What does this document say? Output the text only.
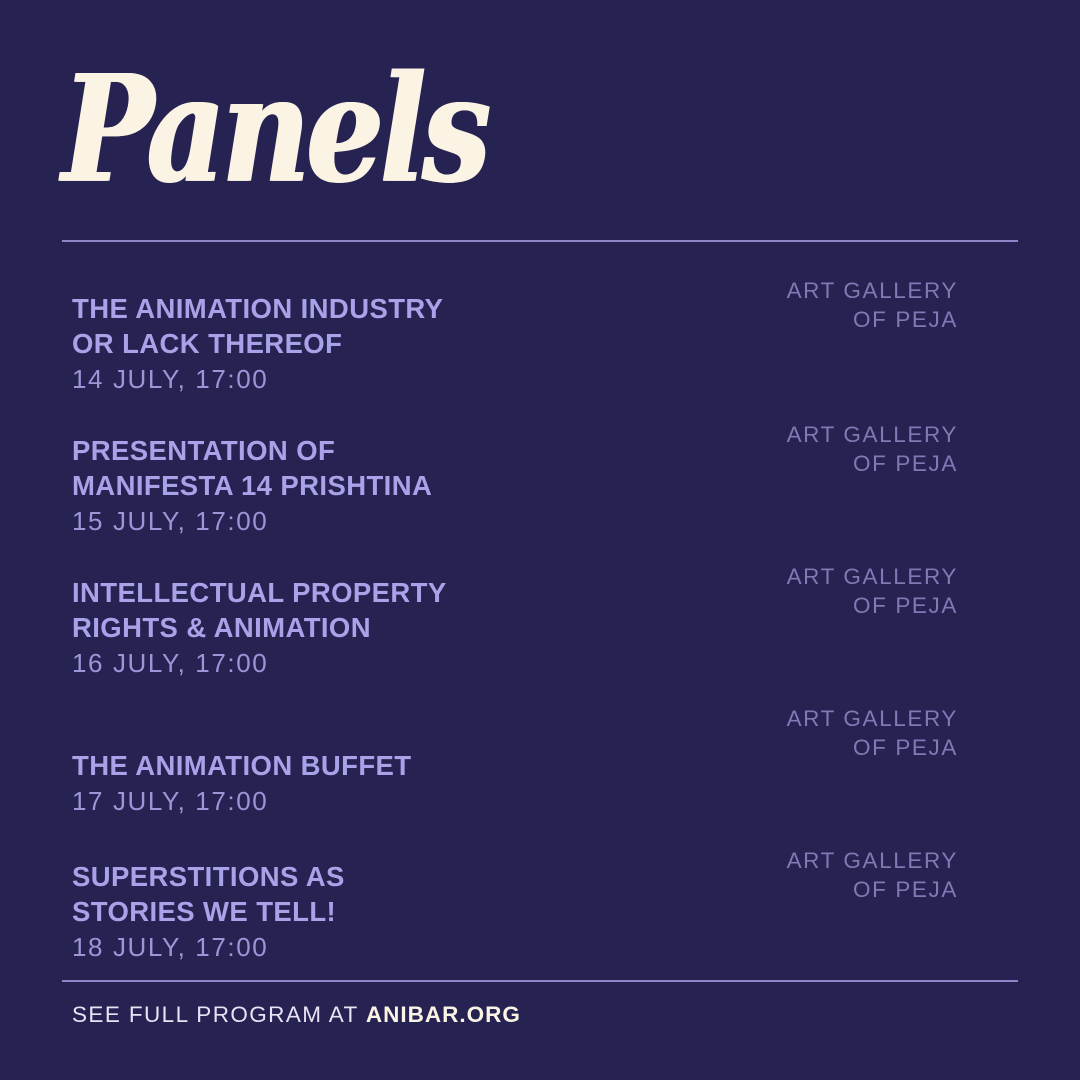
Panels
THE ANIMATION INDUSTRY
OR LACK THEREOF
14 JULY, 17:00
ART GALLERY
OF PEJA
PRESENTATION OF
MANIFESTA 14 PRISHTINA
15 JULY, 17:00
ART GALLERY
OF PEJA
INTELLECTUAL PROPERTY
RIGHTS & ANIMATION
16 JULY, 17:00
ART GALLERY
OF PEJA
THE ANIMATION BUFFET
17 JULY, 17:00
ART GALLERY
OF PEJA
SUPERSTITIONS AS
STORIES WE TELL!
18 JULY, 17:00
ART GALLERY
OF PEJA
SEE FULL PROGRAM AT ANIBAR.ORG
